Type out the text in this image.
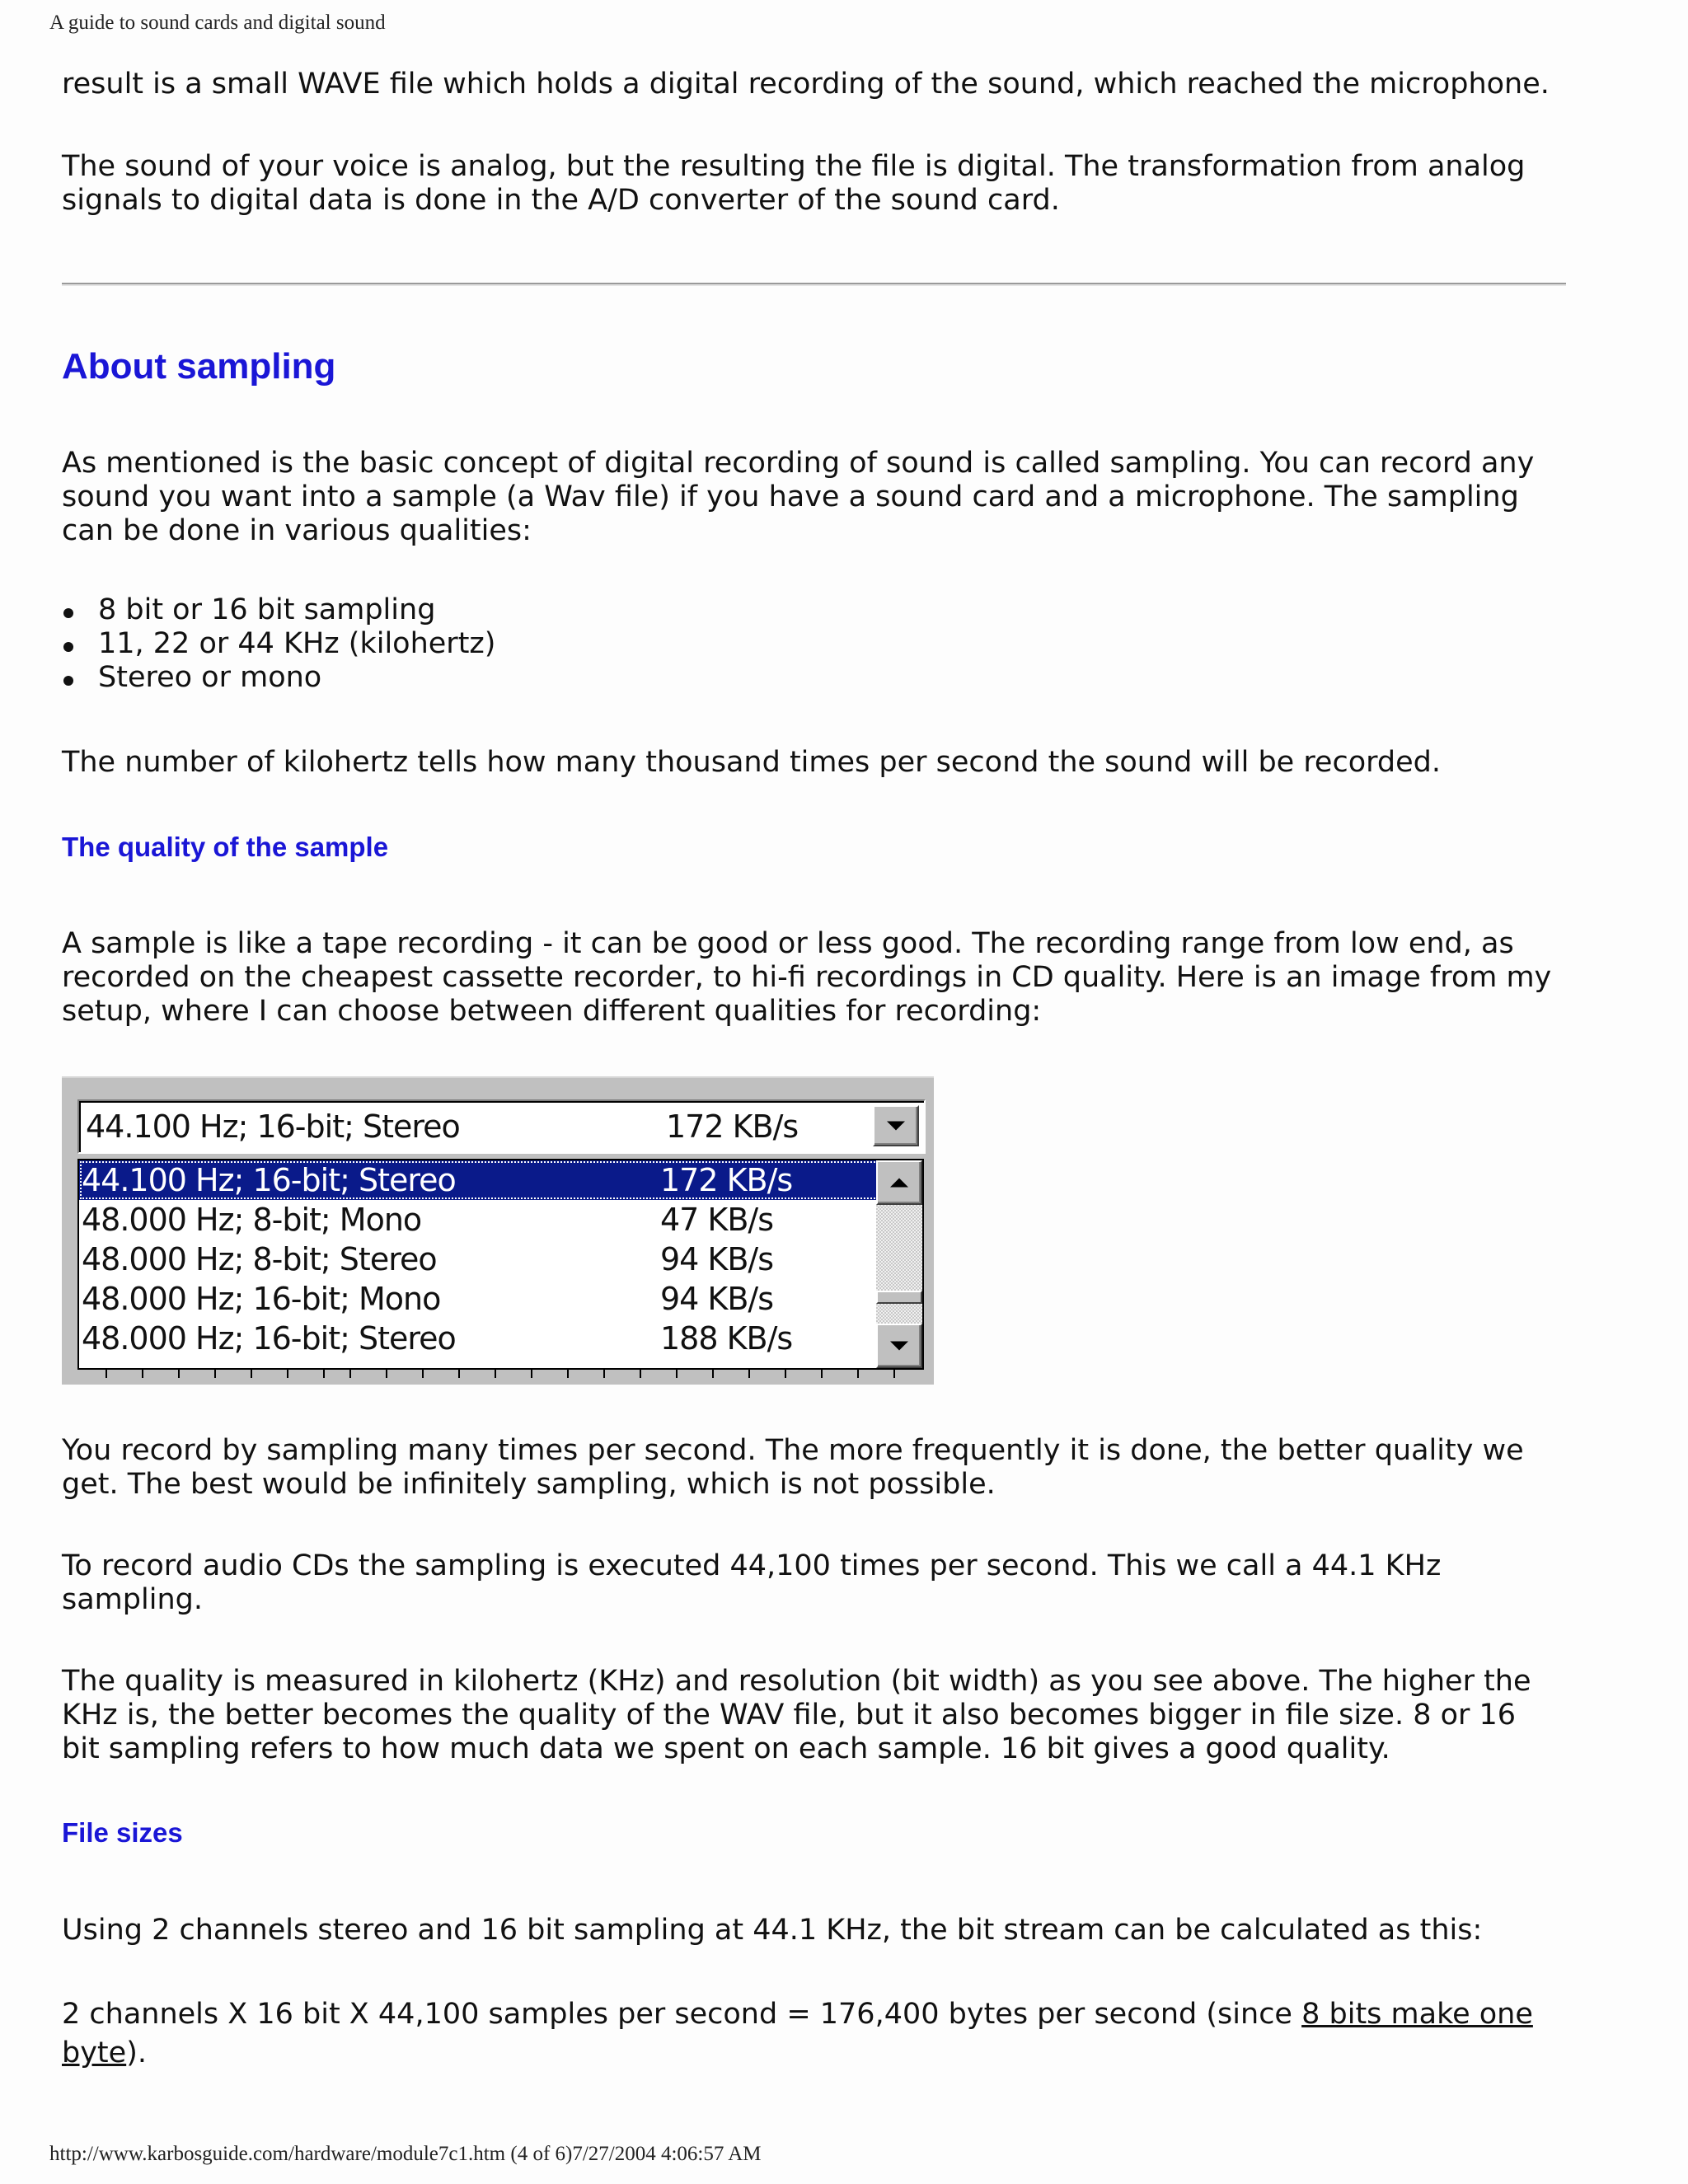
A guide to sound cards and digital sound

result is a small WAVE file which holds a digital recording of the sound, which reached the microphone.

The sound of your voice is analog, but the resulting the file is digital. The transformation from analog signals to digital data is done in the A/D converter of the sound card.

About sampling

As mentioned is the basic concept of digital recording of sound is called sampling. You can record any sound you want into a sample (a Wav file) if you have a sound card and a microphone. The sampling can be done in various qualities:

8 bit or 16 bit sampling
11, 22 or 44 KHz (kilohertz)
Stereo or mono

The number of kilohertz tells how many thousand times per second the sound will be recorded.

The quality of the sample

A sample is like a tape recording - it can be good or less good. The recording range from low end, as recorded on the cheapest cassette recorder, to hi-fi recordings in CD quality. Here is an image from my setup, where I can choose between different qualities for recording:

You record by sampling many times per second. The more frequently it is done, the better quality we get. The best would be infinitely sampling, which is not possible.

To record audio CDs the sampling is executed 44,100 times per second. This we call a 44.1 KHz sampling.

The quality is measured in kilohertz (KHz) and resolution (bit width) as you see above. The higher the KHz is, the better becomes the quality of the WAV file, but it also becomes bigger in file size. 8 or 16 bit sampling refers to how much data we spent on each sample. 16 bit gives a good quality.

File sizes

Using 2 channels stereo and 16 bit sampling at 44.1 KHz, the bit stream can be calculated as this:

2 channels X 16 bit X 44,100 samples per second = 176,400 bytes per second (since 8 bits make one byte).

44.100 Hz; 16-bit; Stereo	172 KB/s
44.100 Hz; 16-bit; Stereo	172 KB/s
48.000 Hz; 8-bit; Mono	47 KB/s
48.000 Hz; 8-bit; Stereo	94 KB/s
48.000 Hz; 16-bit; Mono	94 KB/s
48.000 Hz; 16-bit; Stereo	188 KB/s
http://www.karbosguide.com/hardware/module7c1.htm (4 of 6)7/27/2004 4:06:57 AM
